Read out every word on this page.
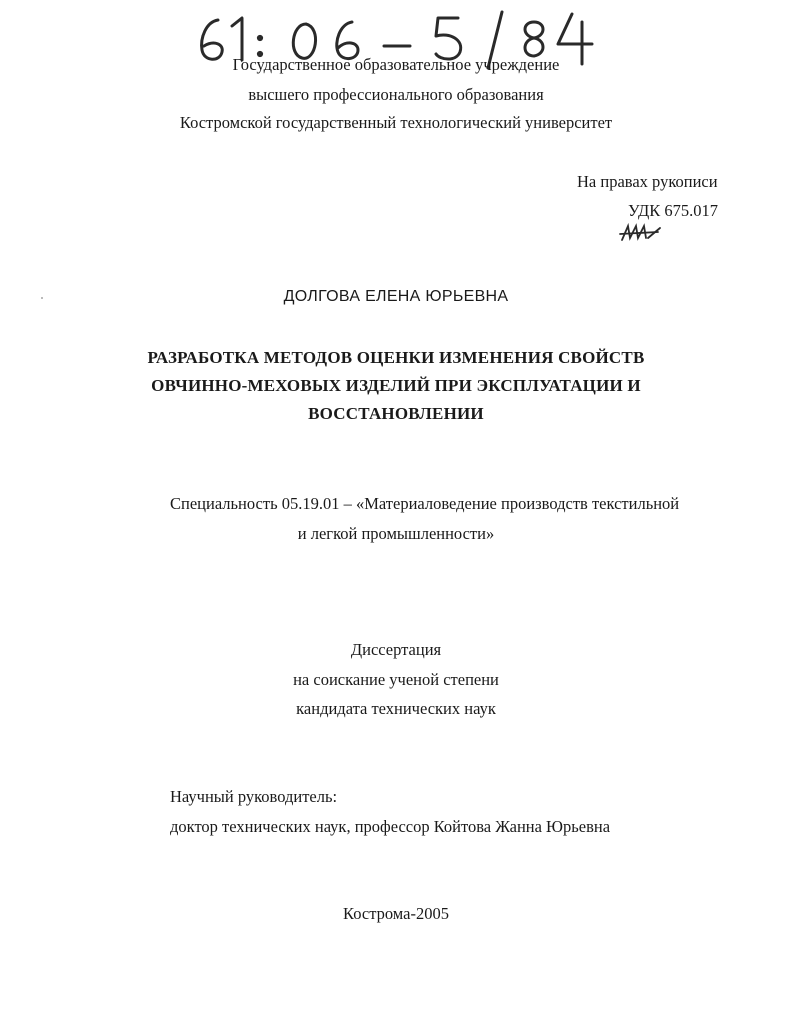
Государственное образовательное учреждение
высшего профессионального образования
Костромской государственный технологический университет
На правах рукописи
УДК 675.017
ДОЛГОВА ЕЛЕНА ЮРЬЕВНА
РАЗРАБОТКА МЕТОДОВ ОЦЕНКИ ИЗМЕНЕНИЯ СВОЙСТВ
ОВЧИННО-МЕХОВЫХ ИЗДЕЛИЙ ПРИ ЭКСПЛУАТАЦИИ И
ВОССТАНОВЛЕНИИ
Специальность 05.19.01 – «Материаловедение производств текстильной
и легкой промышленности»
Диссертация
на соискание ученой степени
кандидата технических наук
Научный руководитель:
доктор технических наук, профессор Койтова Жанна Юрьевна
Кострома-2005
